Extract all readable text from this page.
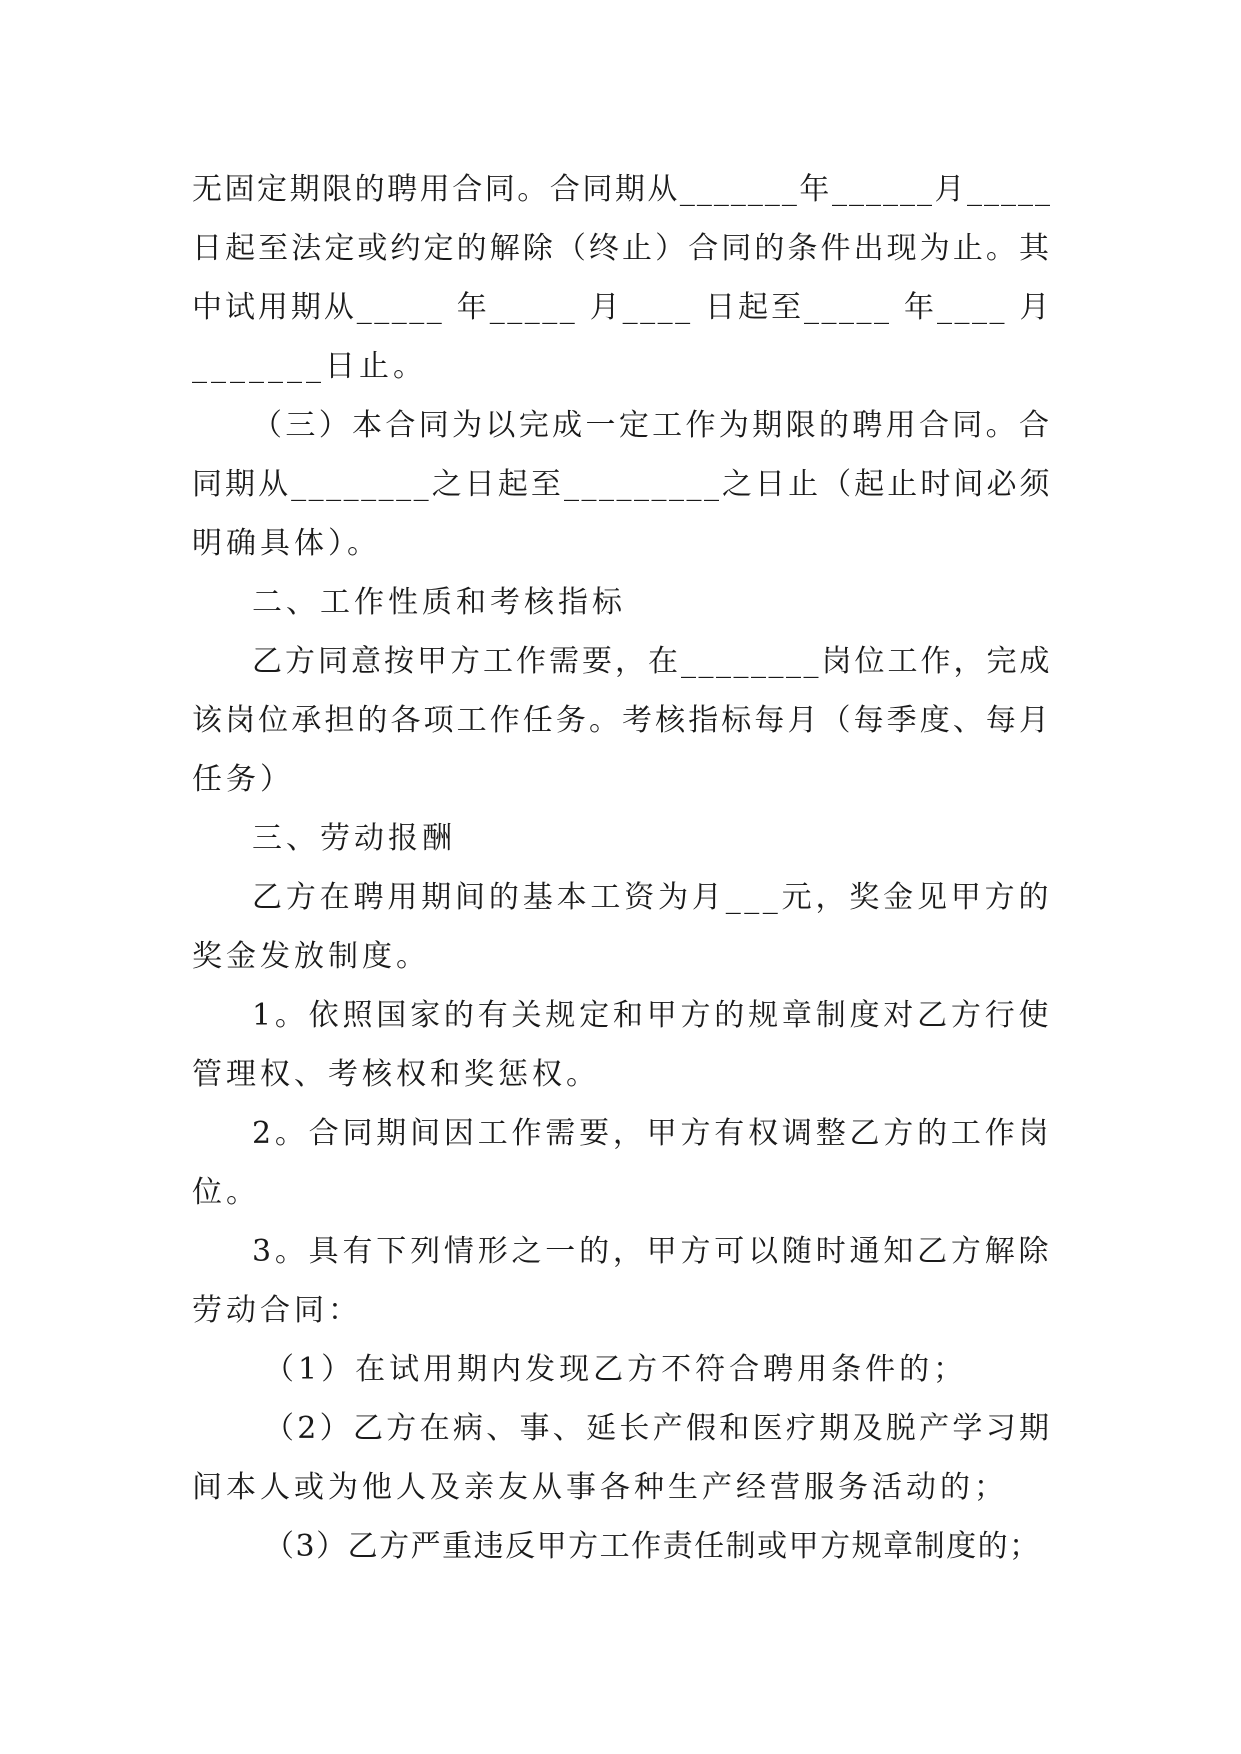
无固定期限的聘用合同。合同期从_______年______月_____
日起至法定或约定的解除（终止）合同的条件出现为止。其
中试用期从_____ 年_____ 月____ 日起至_____ 年____ 月
_______日止。
（三）本合同为以完成一定工作为期限的聘用合同。合
同期从________之日起至_________之日止（起止时间必须
明确具体）。
二、工作性质和考核指标
乙方同意按甲方工作需要，在________岗位工作，完成
该岗位承担的各项工作任务。考核指标每月（每季度、每月
任务）
三、劳动报酬
乙方在聘用期间的基本工资为月___元，奖金见甲方的
奖金发放制度。
1。依照国家的有关规定和甲方的规章制度对乙方行使
管理权、考核权和奖惩权。
2。合同期间因工作需要，甲方有权调整乙方的工作岗
位。
3。具有下列情形之一的，甲方可以随时通知乙方解除
劳动合同：
（1）在试用期内发现乙方不符合聘用条件的；
（2）乙方在病、事、延长产假和医疗期及脱产学习期
间本人或为他人及亲友从事各种生产经营服务活动的；
（3）乙方严重违反甲方工作责任制或甲方规章制度的；
